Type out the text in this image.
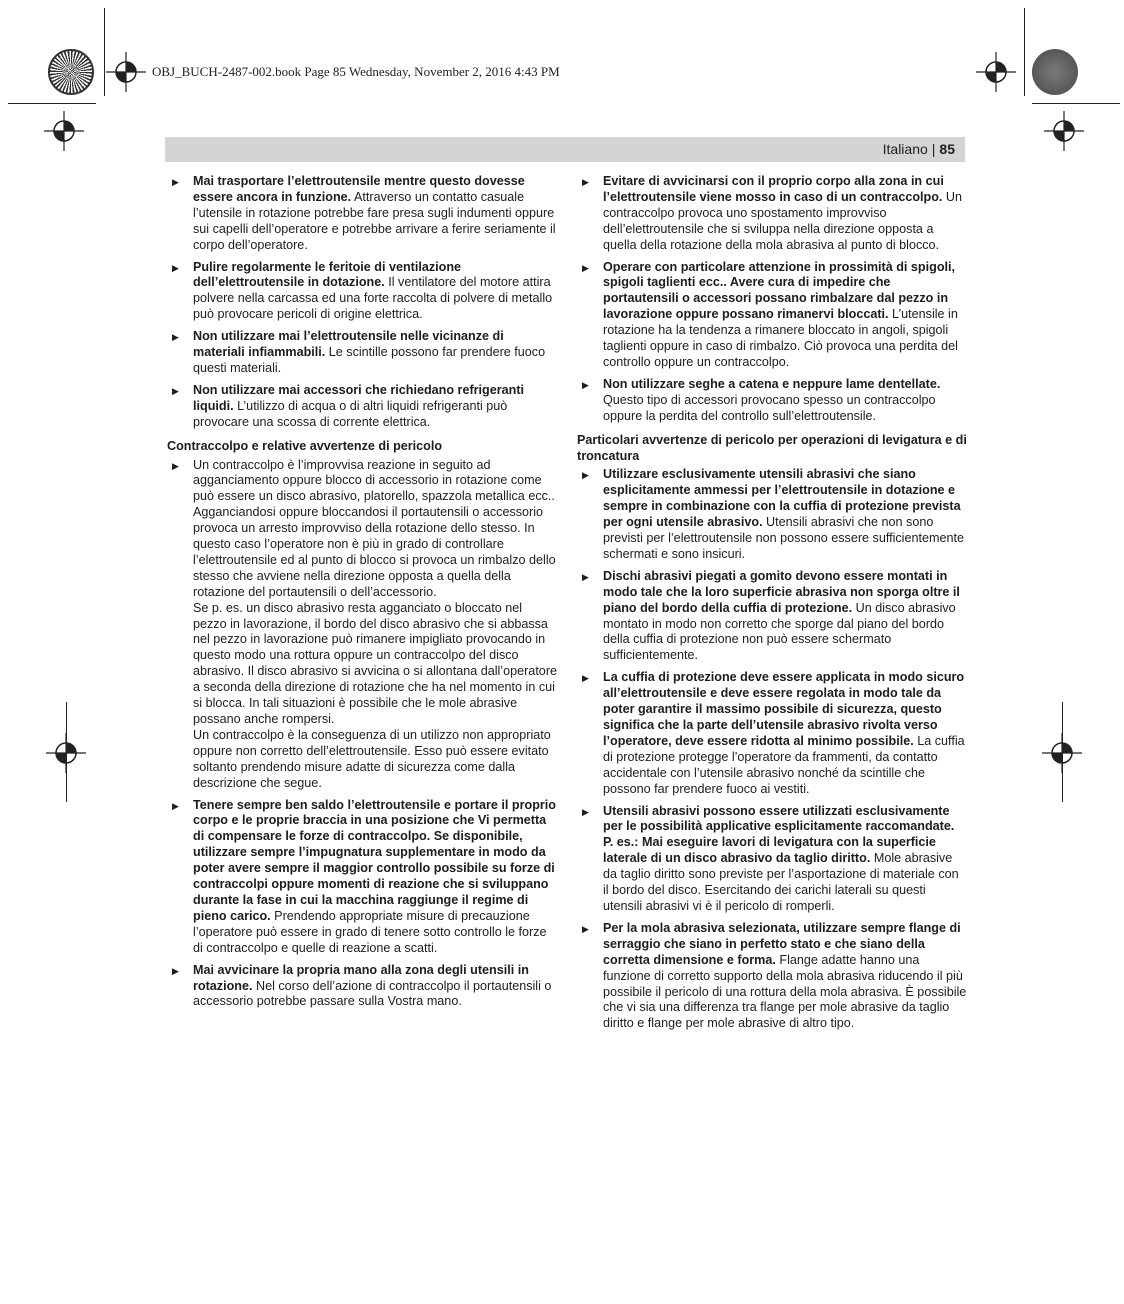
OBJ_BUCH-2487-002.book Page 85 Wednesday, November 2, 2016 4:43 PM
Italiano | 85
▶ Mai trasportare l’elettroutensile mentre questo dovesse essere ancora in funzione. Attraverso un contatto casuale l’utensile in rotazione potrebbe fare presa sugli indumenti oppure sui capelli dell’operatore e potrebbe arrivare a ferire seriamente il corpo dell’operatore.
▶ Pulire regolarmente le feritoie di ventilazione dell’elettroutensile in dotazione. Il ventilatore del motore attira polvere nella carcassa ed una forte raccolta di polvere di metallo può provocare pericoli di origine elettrica.
▶ Non utilizzare mai l’elettroutensile nelle vicinanze di materiali infiammabili. Le scintille possono far prendere fuoco questi materiali.
▶ Non utilizzare mai accessori che richiedano refrigeranti liquidi. L’utilizzo di acqua o di altri liquidi refrigeranti può provocare una scossa di corrente elettrica.
Contraccolpo e relative avvertenze di pericolo
▶ Un contraccolpo è l’improvvisa reazione in seguito ad agganciamento oppure blocco di accessorio in rotazione come può essere un disco abrasivo, platorello, spazzola metallica ecc.. Agganciandosi oppure bloccandosi il portautensili o accessorio provoca un arresto improvviso della rotazione dello stesso. In questo caso l’operatore non è più in grado di controllare l’elettroutensile ed al punto di blocco si provoca un rimbalzo dello stesso che avviene nella direzione opposta a quella della rotazione del portautensili o dell’accessorio.

Se p. es. un disco abrasivo resta agganciato o bloccato nel pezzo in lavorazione, il bordo del disco abrasivo che si abbassa nel pezzo in lavorazione può rimanere impigliato provocando in questo modo una rottura oppure un contraccolpo del disco abrasivo. Il disco abrasivo si avvicina o si allontana dall’operatore a seconda della direzione di rotazione che ha nel momento in cui si blocca. In tali situazioni è possibile che le mole abrasive possano anche rompersi.

Un contraccolpo è la conseguenza di un utilizzo non appropriato oppure non corretto dell’elettroutensile. Esso può essere evitato soltanto prendendo misure adatte di sicurezza come dalla descrizione che segue.

▶ Tenere sempre ben saldo l’elettroutensile e portare il proprio corpo e le proprie braccia in una posizione che Vi permetta di compensare le forze di contraccolpo. Se disponibile, utilizzare sempre l’impugnatura supplementare in modo da poter avere sempre il maggior controllo possibile su forze di contraccolpi oppure momenti di reazione che si sviluppano durante la fase in cui la macchina raggiunge il regime di pieno carico. Prendendo appropriate misure di precauzione l’operatore può essere in grado di tenere sotto controllo le forze di contraccolpo e quelle di reazione a scatti.
▶ Mai avvicinare la propria mano alla zona degli utensili in rotazione. Nel corso dell’azione di contraccolpo il portautensili o accessorio potrebbe passare sulla Vostra mano.
▶ Evitare di avvicinarsi con il proprio corpo alla zona in cui l’elettroutensile viene mosso in caso di un contraccolpo. Un contraccolpo provoca uno spostamento improvviso dell’elettroutensile che si sviluppa nella direzione opposta a quella della rotazione della mola abrasiva al punto di blocco.
▶ Operare con particolare attenzione in prossimità di spigoli, spigoli taglienti ecc.. Avere cura di impedire che portautensili o accessori possano rimbalzare dal pezzo in lavorazione oppure possano rimanervi bloccati. L’utensile in rotazione ha la tendenza a rimanere bloccato in angoli, spigoli taglienti oppure in caso di rimbalzo. Ciò provoca una perdita del controllo oppure un contraccolpo.
▶ Non utilizzare seghe a catena e neppure lame dentellate. Questo tipo di accessori provocano spesso un contraccolpo oppure la perdita del controllo sull’elettroutensile.
Particolari avvertenze di pericolo per operazioni di levigatura e di troncatura
▶ Utilizzare esclusivamente utensili abrasivi che siano esplicitamente ammessi per l’elettroutensile in dotazione e sempre in combinazione con la cuffia di protezione prevista per ogni utensile abrasivo. Utensili abrasivi che non sono previsti per l’elettroutensile non possono essere sufficientemente schermati e sono insicuri.
▶ Dischi abrasivi piegati a gomito devono essere montati in modo tale che la loro superficie abrasiva non sporga oltre il piano del bordo della cuffia di protezione. Un disco abrasivo montato in modo non corretto che sporge dal piano del bordo della cuffia di protezione non può essere schermato sufficientemente.
▶ La cuffia di protezione deve essere applicata in modo sicuro all’elettroutensile e deve essere regolata in modo tale da poter garantire il massimo possibile di sicurezza, questo significa che la parte dell’utensile abrasivo rivolta verso l’operatore, deve essere ridotta al minimo possibile. La cuffia di protezione protegge l’operatore da frammenti, da contatto accidentale con l’utensile abrasivo nonché da scintille che possono far prendere fuoco ai vestiti.
▶ Utensili abrasivi possono essere utilizzati esclusivamente per le possibilità applicative esplicitamente raccomandate. P. es.: Mai eseguire lavori di levigatura con la superficie laterale di un disco abrasivo da taglio diritto. Mole abrasive da taglio diritto sono previste per l’asportazione di materiale con il bordo del disco. Esercitando dei carichi laterali su questi utensili abrasivi vi è il pericolo di romperli.
▶ Per la mola abrasiva selezionata, utilizzare sempre flange di serraggio che siano in perfetto stato e che siano della corretta dimensione e forma. Flange adatte hanno una funzione di corretto supporto della mola abrasiva riducendo il più possibile il pericolo di una rottura della mola abrasiva. È possibile che vi sia una differenza tra flange per mole abrasive da taglio diritto e flange per mole abrasive di altro tipo.
